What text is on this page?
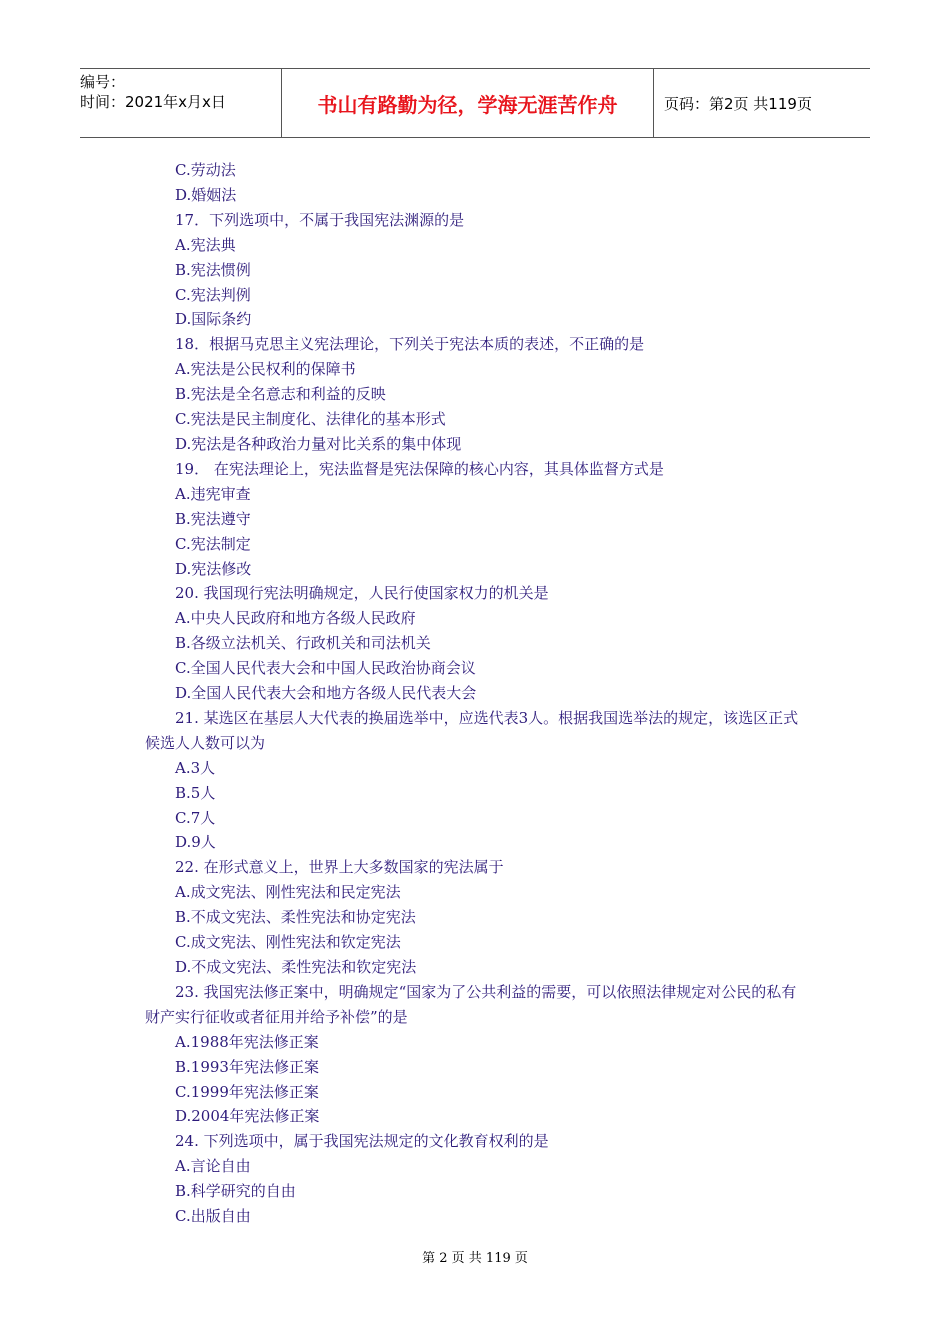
编号：
时间：2021年x月x日	书山有路勤为径，学海无涯苦作舟	页码：第2页 共119页
C.劳动法
D.婚姻法
17．下列选项中，不属于我国宪法渊源的是
A.宪法典
B.宪法惯例
C.宪法判例
D.国际条约
18．根据马克思主义宪法理论，下列关于宪法本质的表述，不正确的是
A.宪法是公民权利的保障书
B.宪法是全名意志和利益的反映
C.宪法是民主制度化、法律化的基本形式
D.宪法是各种政治力量对比关系的集中体现
19． 在宪法理论上，宪法监督是宪法保障的核心内容，其具体监督方式是
A.违宪审查
B.宪法遵守
C.宪法制定
D.宪法修改
20. 我国现行宪法明确规定，人民行使国家权力的机关是
A.中央人民政府和地方各级人民政府
B.各级立法机关、行政机关和司法机关
C.全国人民代表大会和中国人民政治协商会议
D.全国人民代表大会和地方各级人民代表大会
21. 某选区在基层人大代表的换届选举中，应选代表3人。根据我国选举法的规定，该选区正式候选人人数可以为
A.3人
B.5人
C.7人
D.9人
22. 在形式意义上，世界上大多数国家的宪法属于
A.成文宪法、刚性宪法和民定宪法
B.不成文宪法、柔性宪法和协定宪法
C.成文宪法、刚性宪法和钦定宪法
D.不成文宪法、柔性宪法和钦定宪法
23. 我国宪法修正案中，明确规定“国家为了公共利益的需要，可以依照法律规定对公民的私有财产实行征收或者征用并给予补偿”的是
A.1988年宪法修正案
B.1993年宪法修正案
C.1999年宪法修正案
D.2004年宪法修正案
24. 下列选项中，属于我国宪法规定的文化教育权利的是
A.言论自由
B.科学研究的自由
C.出版自由
第 2 页 共 119 页
